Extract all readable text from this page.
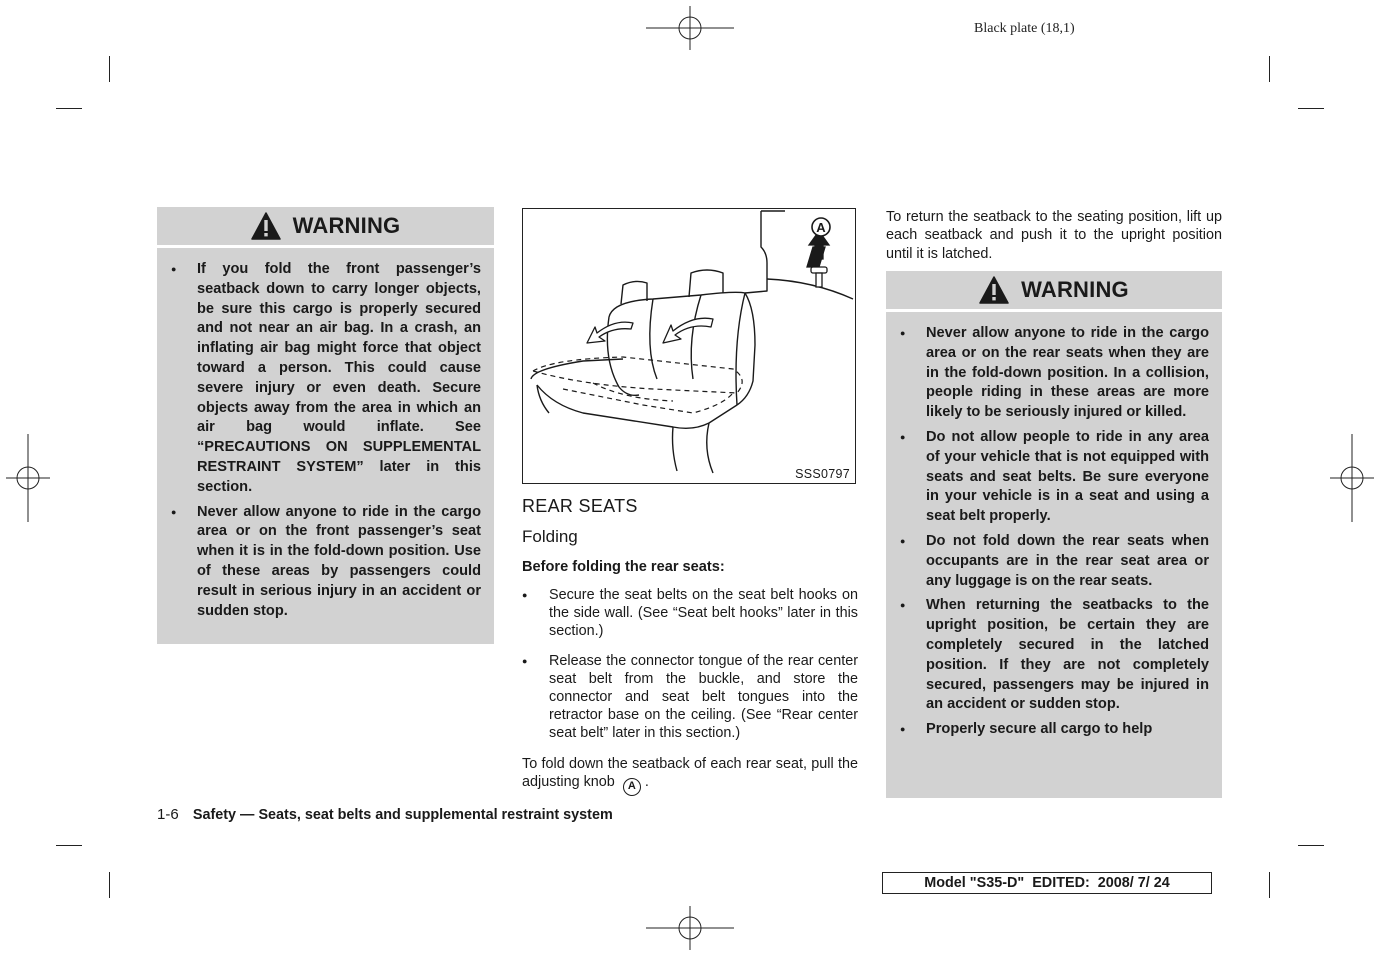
Black plate (18,1)
WARNING
● If you fold the front passenger’s seatback down to carry longer objects, be sure this cargo is properly secured and not near an air bag. In a crash, an inflating air bag might force that object toward a person. This could cause severe injury or even death. Secure objects away from the area in which an air bag would inflate. See “PRECAUTIONS ON SUPPLEMENTAL RESTRAINT SYSTEM” later in this section.
● Never allow anyone to ride in the cargo area or on the front passenger’s seat when it is in the fold-down position. Use of these areas by passengers could result in serious injury in an accident or sudden stop.
A
SSS0797
REAR SEATS
Folding
Before folding the rear seats:
● Secure the seat belts on the seat belt hooks on the side wall. (See “Seat belt hooks” later in this section.)
● Release the connector tongue of the rear center seat belt from the buckle, and store the connector and seat belt tongues into the retractor base on the ceiling. (See “Rear center seat belt” later in this section.)
To fold down the seatback of each rear seat, pull the adjusting knob A .
To return the seatback to the seating position, lift up each seatback and push it to the upright position until it is latched.
WARNING
● Never allow anyone to ride in the cargo area or on the rear seats when they are in the fold-down position. In a collision, people riding in these areas are more likely to be seriously injured or killed.
● Do not allow people to ride in any area of your vehicle that is not equipped with seats and seat belts. Be sure everyone in your vehicle is in a seat and using a seat belt properly.
● Do not fold down the rear seats when occupants are in the rear seat area or any luggage is on the rear seats.
● When returning the seatbacks to the upright position, be certain they are completely secured in the latched position. If they are not completely secured, passengers may be injured in an accident or sudden stop.
● Properly secure all cargo to help
1-6 Safety — Seats, seat belts and supplemental restraint system
Model "S35-D"  EDITED:  2008/ 7/ 24
